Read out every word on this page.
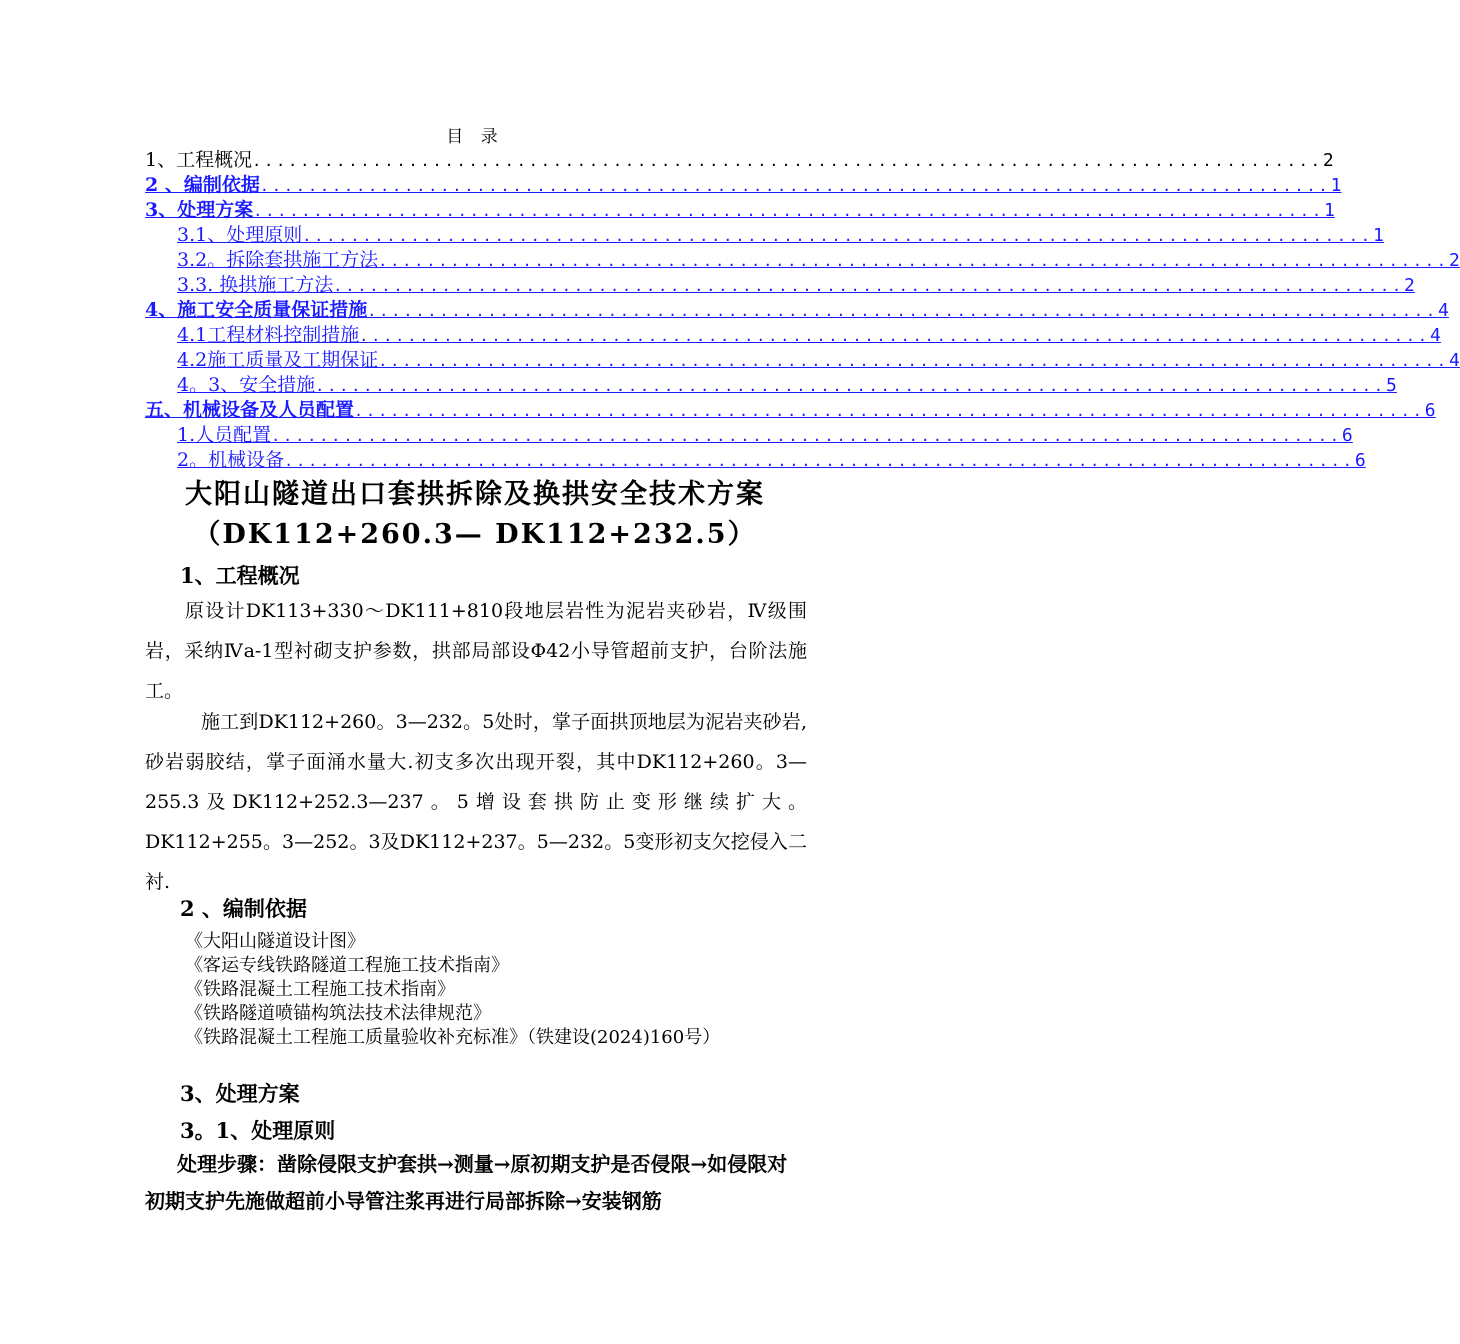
目 录
1、工程概况 ......................................................................................... 2
2 、编制依据 ......................................................................................... 1
3、处理方案 ......................................................................................... 1
3.1、处理原则 ......................................................................................... 1
3.2。拆除套拱施工方法 ......................................................................................... 2
3.3. 换拱施工方法 ......................................................................................... 2
4、施工安全质量保证措施 ......................................................................................... 4
4.1工程材料控制措施 ......................................................................................... 4
4.2施工质量及工期保证 ......................................................................................... 4
4。3、安全措施 ......................................................................................... 5
五、机械设备及人员配置 ......................................................................................... 6
1.人员配置 ......................................................................................... 6
2。机械设备 ......................................................................................... 6
大阳山隧道出口套拱拆除及换拱安全技术方案
（DK112+260.3— DK112+232.5）
1、工程概况
原设计DK113+330～DK111+810段地层岩性为泥岩夹砂岩，Ⅳ级围岩，采纳Ⅳa-1型衬砌支护参数，拱部局部设Φ42小导管超前支护，台阶法施工。
施工到DK112+260。3—232。5处时，掌子面拱顶地层为泥岩夹砂岩,砂岩弱胶结，掌子面涌水量大.初支多次出现开裂，其中DK112+260。3—255.3及DK112+252.3—237。5增设套拱防止变形继续扩大。DK112+255。3—252。3及DK112+237。5—232。5变形初支欠挖侵入二衬.
2 、编制依据
《大阳山隧道设计图》
《客运专线铁路隧道工程施工技术指南》
《铁路混凝土工程施工技术指南》
《铁路隧道喷锚构筑法技术法律规范》
《铁路混凝土工程施工质量验收补充标准》（铁建设(2024)160号）
3、处理方案
3。1、处理原则
处理步骤：凿除侵限支护套拱→测量→原初期支护是否侵限→如侵限对初期支护先施做超前小导管注浆再进行局部拆除→安装钢筋
